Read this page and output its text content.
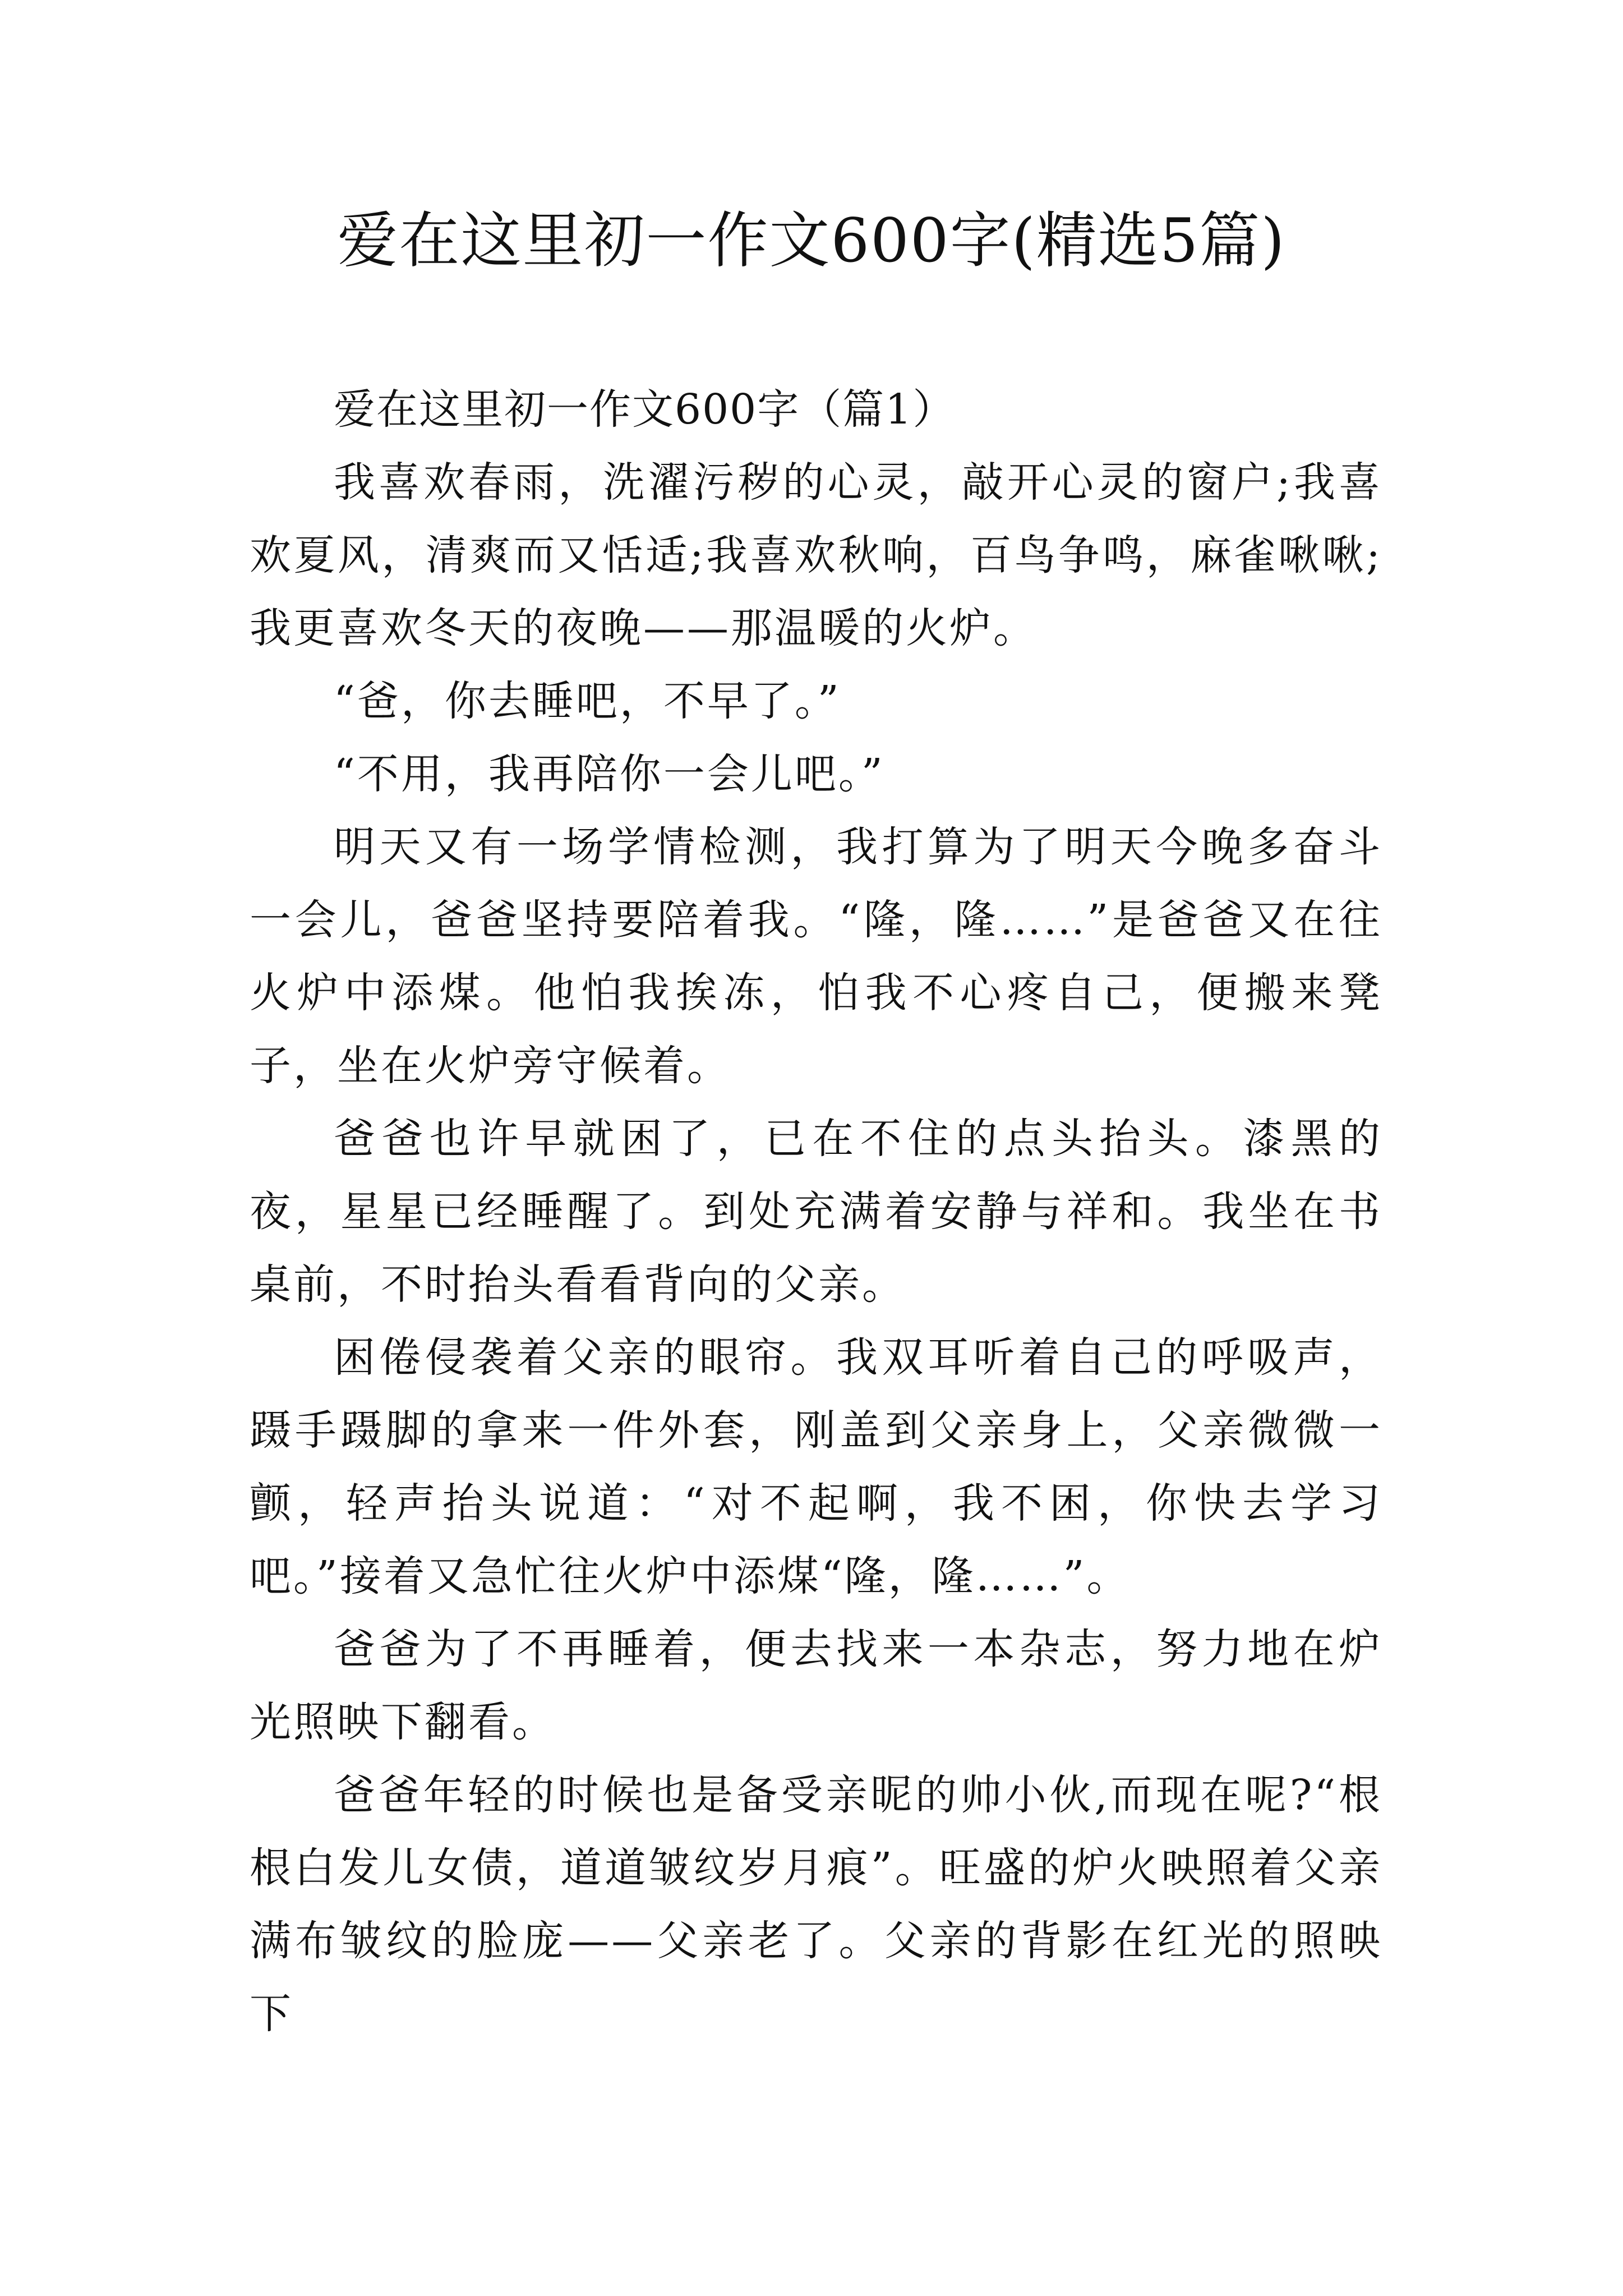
爱在这里初一作文600字(精选5篇)

爱在这里初一作文600字（篇1）

我喜欢春雨，洗濯污秽的心灵，敲开心灵的窗户;我喜欢夏风，清爽而又恬适;我喜欢秋响，百鸟争鸣，麻雀啾啾;我更喜欢冬天的夜晚——那温暖的火炉。

“爸，你去睡吧，不早了。”

“不用，我再陪你一会儿吧。”

明天又有一场学情检测，我打算为了明天今晚多奋斗一会儿，爸爸坚持要陪着我。“隆，隆……”是爸爸又在往火炉中添煤。他怕我挨冻，怕我不心疼自己，便搬来凳子，坐在火炉旁守候着。

爸爸也许早就困了，已在不住的点头抬头。漆黑的夜，星星已经睡醒了。到处充满着安静与祥和。我坐在书桌前，不时抬头看看背向的父亲。

困倦侵袭着父亲的眼帘。我双耳听着自己的呼吸声，蹑手蹑脚的拿来一件外套，刚盖到父亲身上，父亲微微一颤，轻声抬头说道：“对不起啊，我不困，你快去学习吧。”接着又急忙往火炉中添煤“隆，隆……”。

爸爸为了不再睡着，便去找来一本杂志，努力地在炉光照映下翻看。

爸爸年轻的时候也是备受亲昵的帅小伙,而现在呢?“根根白发儿女债，道道皱纹岁月痕”。旺盛的炉火映照着父亲满布皱纹的脸庞——父亲老了。父亲的背影在红光的照映下
